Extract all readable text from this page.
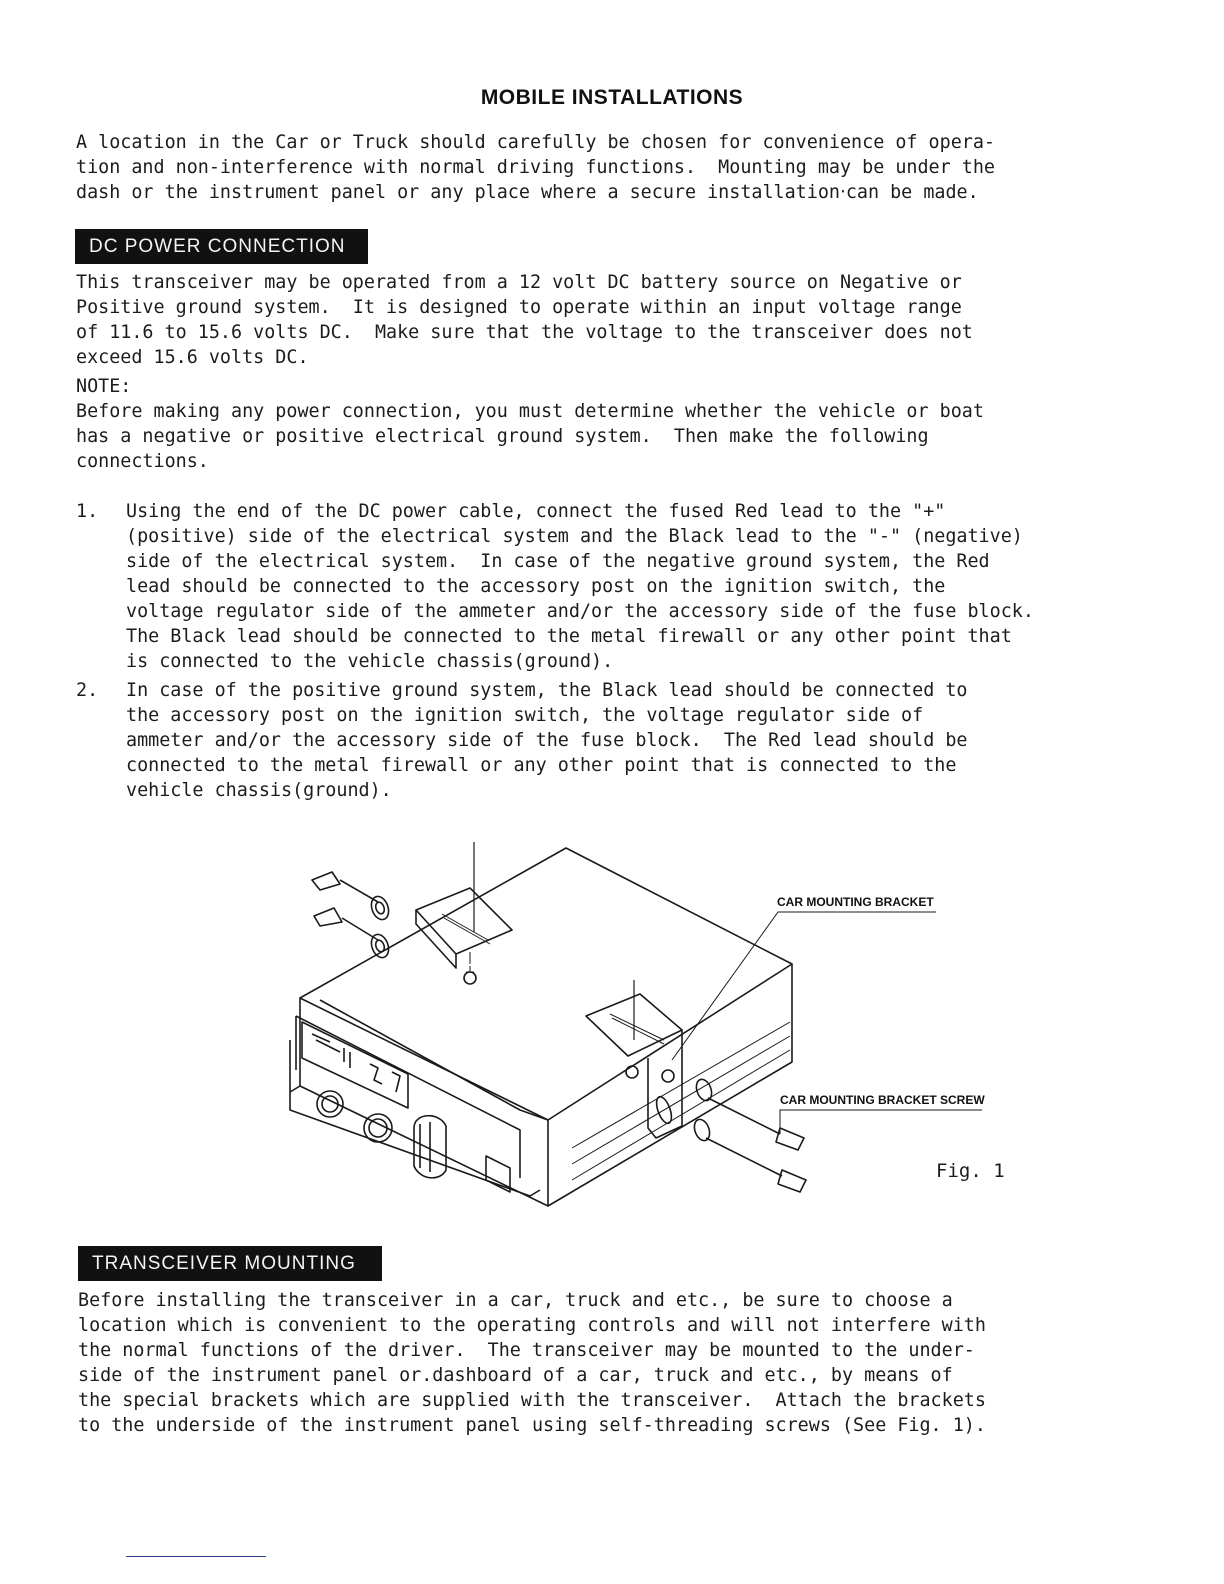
MOBILE INSTALLATIONS

A location in the Car or Truck should carefully be chosen for convenience of opera-

tion and non-interference with normal driving functions.  Mounting may be under the

dash or the instrument panel or any place where a secure installation‧can be made.

DC POWER CONNECTION

This transceiver may be operated from a 12 volt DC battery source on Negative or

Positive ground system.  It is designed to operate within an input voltage range

of 11.6 to 15.6 volts DC.  Make sure that the voltage to the transceiver does not

exceed 15.6 volts DC.

NOTE:

Before making any power connection, you must determine whether the vehicle or boat

has a negative or positive electrical ground system.  Then make the following

connections.

1. Using the end of the DC power cable, connect the fused Red lead to the "+"

(positive) side of the electrical system and the Black lead to the "-" (negative)

side of the electrical system.  In case of the negative ground system, the Red

lead should be connected to the accessory post on the ignition switch, the

voltage regulator side of the ammeter and/or the accessory side of the fuse block.

The Black lead should be connected to the metal firewall or any other point that

is connected to the vehicle chassis(ground).

2. In case of the positive ground system, the Black lead should be connected to

the accessory post on the ignition switch, the voltage regulator side of

ammeter and/or the accessory side of the fuse block.  The Red lead should be

connected to the metal firewall or any other point that is connected to the

vehicle chassis(ground).

CAR MOUNTING BRACKET
CAR MOUNTING BRACKET SCREW
Fig. 1
TRANSCEIVER MOUNTING

Before installing the transceiver in a car, truck and etc., be sure to choose a

location which is convenient to the operating controls and will not interfere with

the normal functions of the driver.  The transceiver may be mounted to the under-

side of the instrument panel or.dashboard of a car, truck and etc., by means of

the special brackets which are supplied with the transceiver.  Attach the brackets

to the underside of the instrument panel using self-threading screws (See Fig. 1).
